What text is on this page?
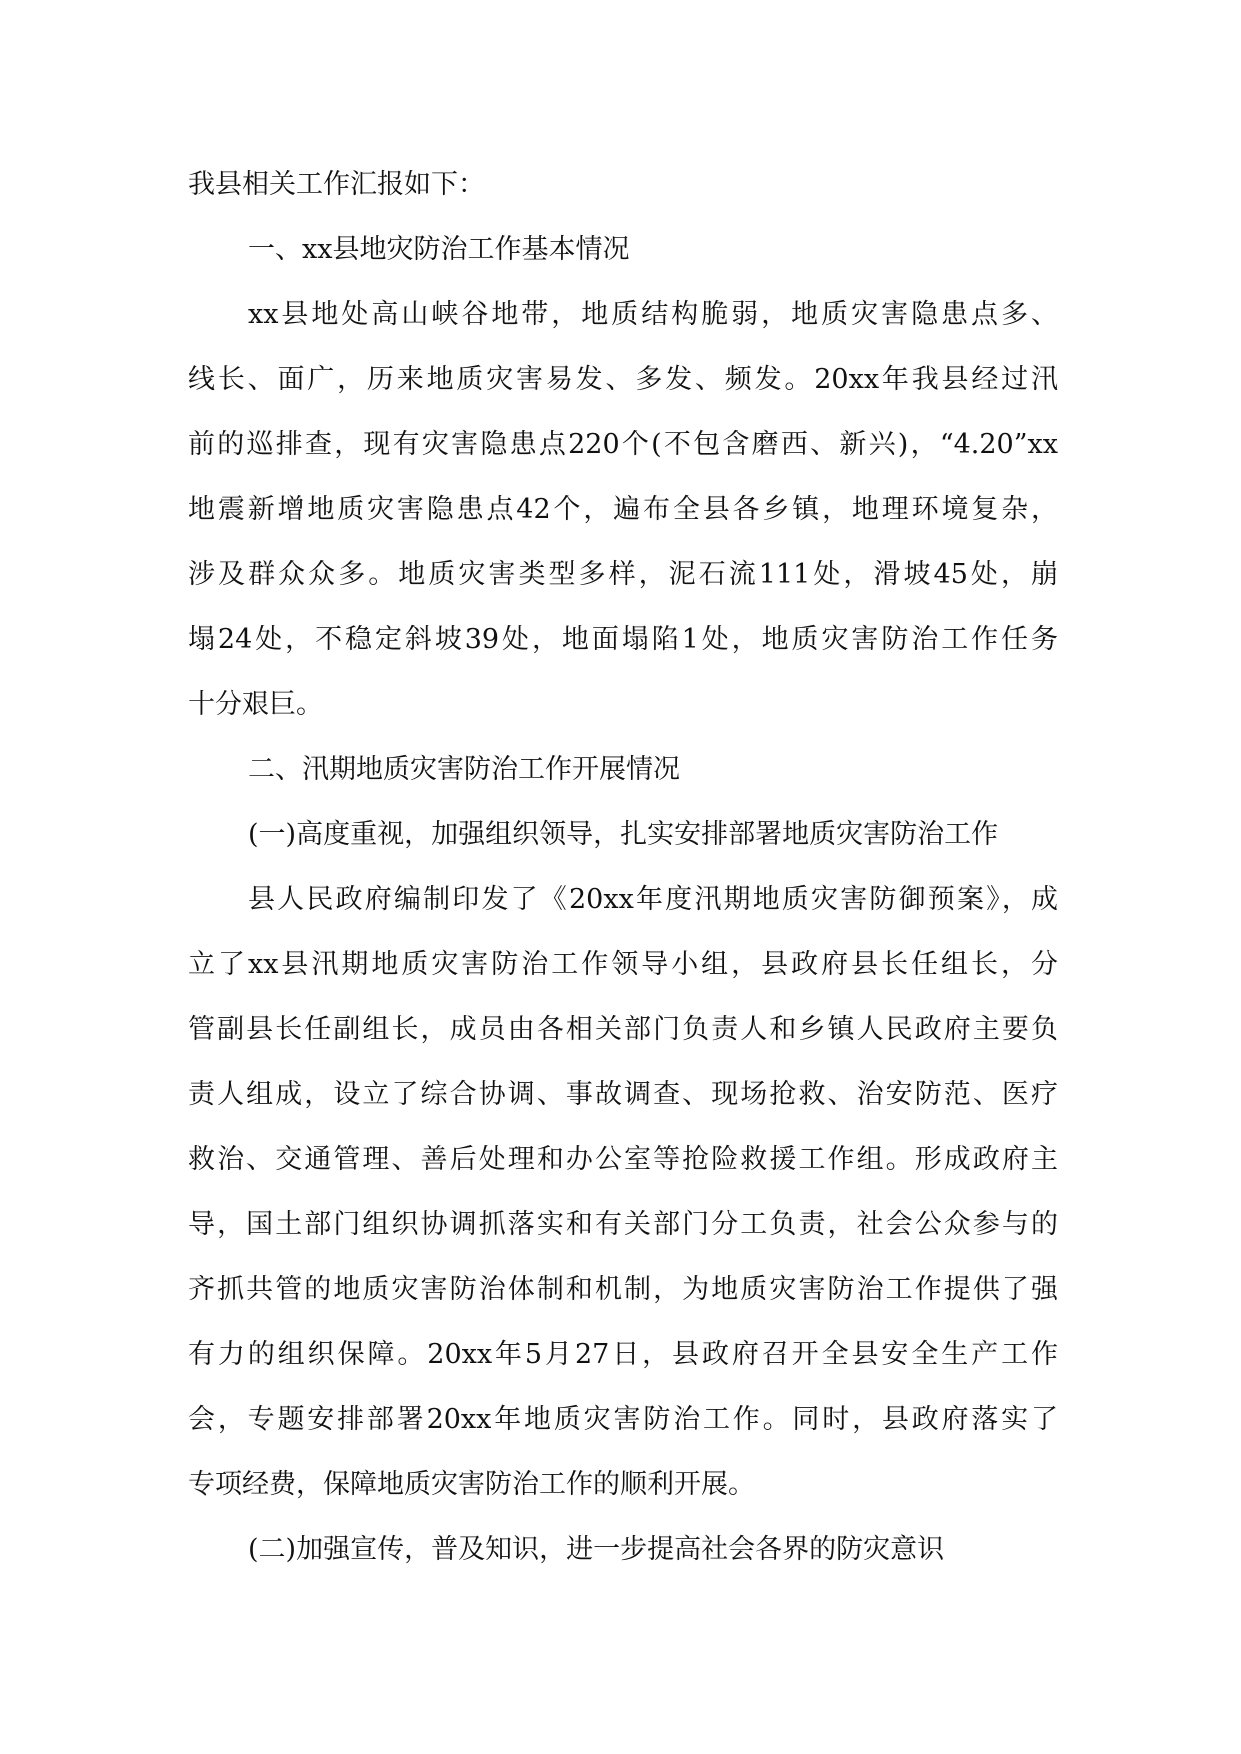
我县相关工作汇报如下：
一、xx县地灾防治工作基本情况
xx县地处高山峡谷地带，地质结构脆弱，地质灾害隐患点多、
线长、面广，历来地质灾害易发、多发、频发。20xx年我县经过汛
前的巡排查，现有灾害隐患点220个(不包含磨西、新兴)，“4.20”xx
地震新增地质灾害隐患点42个，遍布全县各乡镇，地理环境复杂，
涉及群众众多。地质灾害类型多样，泥石流111处，滑坡45处，崩
塌24处，不稳定斜坡39处，地面塌陷1处，地质灾害防治工作任务
十分艰巨。
二、汛期地质灾害防治工作开展情况
(一)高度重视，加强组织领导，扎实安排部署地质灾害防治工作
县人民政府编制印发了《20xx年度汛期地质灾害防御预案》，成
立了xx县汛期地质灾害防治工作领导小组，县政府县长任组长，分
管副县长任副组长，成员由各相关部门负责人和乡镇人民政府主要负
责人组成，设立了综合协调、事故调查、现场抢救、治安防范、医疗
救治、交通管理、善后处理和办公室等抢险救援工作组。形成政府主
导，国土部门组织协调抓落实和有关部门分工负责，社会公众参与的
齐抓共管的地质灾害防治体制和机制，为地质灾害防治工作提供了强
有力的组织保障。20xx年5月27日，县政府召开全县安全生产工作
会，专题安排部署20xx年地质灾害防治工作。同时，县政府落实了
专项经费，保障地质灾害防治工作的顺利开展。
(二)加强宣传，普及知识，进一步提高社会各界的防灾意识
